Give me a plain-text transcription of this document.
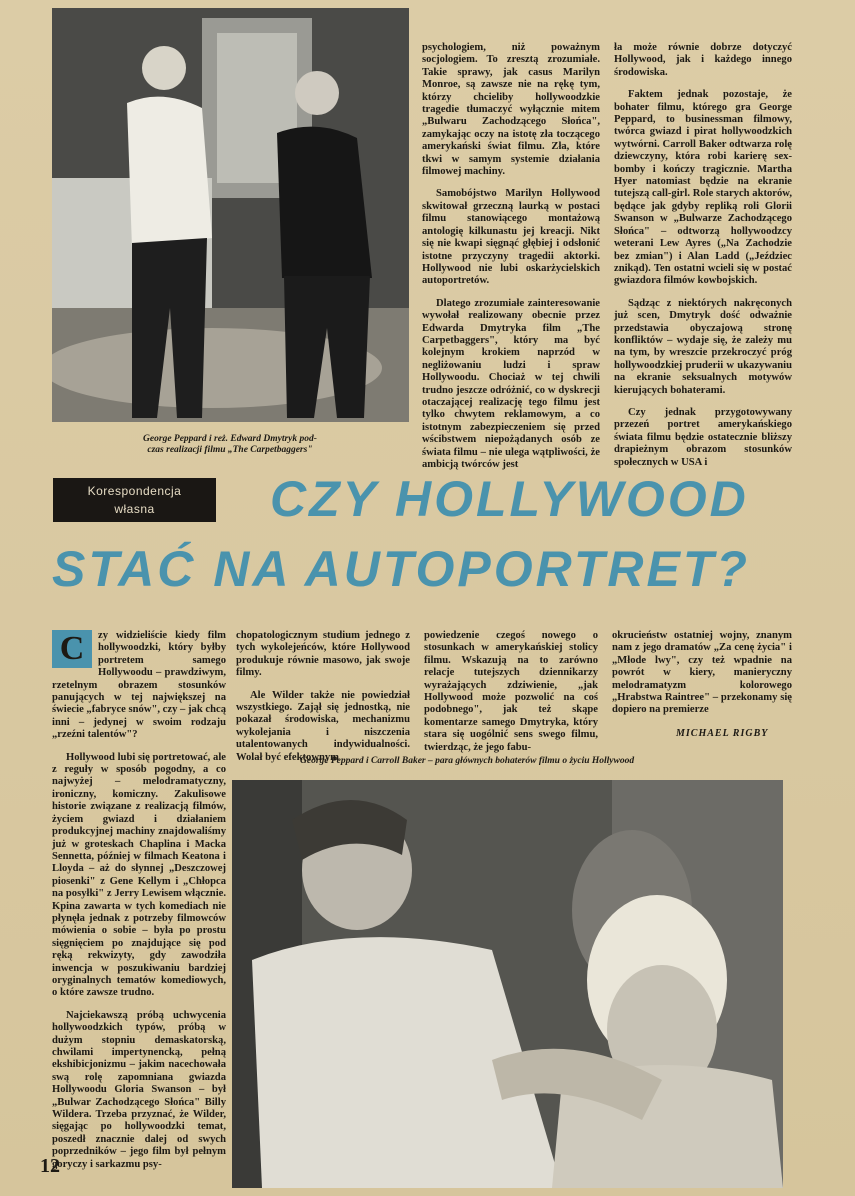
George Peppard i reż. Edward Dmytryk pod-
czas realizacji filmu „The Carpetbaggers"

psychologiem, niż poważnym socjologiem. To zresztą zrozumiałe. Takie sprawy, jak casus Marilyn Monroe, są zawsze nie na rękę tym, którzy chcieliby hollywoodzkie tragedie tłumaczyć wyłącznie mitem „Bulwaru Zachodzącego Słońca", zamykając oczy na istotę zła toczącego amerykański świat filmu. Zła, które tkwi w samym systemie działania filmowej machiny.

Samobójstwo Marilyn Hollywood skwitował grzeczną laurką w postaci filmu stanowiącego montażową antologię kilkunastu jej kreacji. Nikt się nie kwapi sięgnąć głębiej i odsłonić istotne przyczyny tragedii aktorki. Hollywood nie lubi oskarżycielskich autoportretów.

Dlatego zrozumiałe zainteresowanie wywołał realizowany obecnie przez Edwarda Dmytryka film „The Carpetbaggers", który ma być kolejnym krokiem naprzód w negliżowaniu ludzi i spraw Hollywoodu. Chociaż w tej chwili trudno jeszcze odróżnić, co w dyskrecji otaczającej realizację tego filmu jest tylko chwytem reklamowym, a co istotnym zabezpieczeniem się przed wścibstwem niepożądanych osób ze świata filmu – nie ulega wątpliwości, że ambicją twórców jest

ła może równie dobrze dotyczyć Hollywood, jak i każdego innego środowiska.

Faktem jednak pozostaje, że bohater filmu, którego gra George Peppard, to businessman filmowy, twórca gwiazd i pirat hollywoodzkich wytwórni. Carroll Baker odtwarza rolę dziewczyny, która robi karierę sex-bomby i kończy tragicznie. Martha Hyer natomiast będzie na ekranie tutejszą call-girl. Role starych aktorów, będące jak gdyby repliką roli Glorii Swanson w „Bulwarze Zachodzącego Słońca" – odtworzą hollywoodzcy weterani Lew Ayres („Na Zachodzie bez zmian") i Alan Ladd („Jeździec znikąd). Ten ostatni wcieli się w postać gwiazdora filmów kowbojskich.

Sądząc z niektórych nakręconych już scen, Dmytryk dość odważnie przedstawia obyczajową stronę konfliktów – wydaje się, że zależy mu na tym, by wreszcie przekroczyć próg hollywoodzkiej pruderii w ukazywaniu na ekranie seksualnych motywów kierujących bohaterami.

Czy jednak przygotowywany przezeń portret amerykańskiego świata filmu będzie ostatecznie bliższy drapieżnym obrazom stosunków społecznych w USA i

Korespondencja
własna	CZY HOLLYWOOD
STAĆ NA AUTOPORTRET?

C	zy widzieliście kiedy film hollywoodzki, który byłby portretem samego Hollywoodu – prawdziwym, rzetelnym obrazem stosunków panujących w tej największej na świecie „fabryce snów", czy – jak chcą inni – jedynej w swoim rodzaju „rzeźni talentów"?

Hollywood lubi się portretować, ale z reguły w sposób pogodny, a co najwyżej – melodramatyczny, ironiczny, komiczny. Zakulisowe historie związane z realizacją filmów, życiem gwiazd i działaniem produkcyjnej machiny znajdowaliśmy już w groteskach Chaplina i Macka Sennetta, później w filmach Keatona i Lloyda – aż do słynnej „Deszczowej piosenki" z Gene Kellym i „Chłopca na posyłki" z Jerry Lewisem włącznie. Kpina zawarta w tych komediach nie płynęła jednak z potrzeby filmowców mówienia o sobie – była po prostu sięgnięciem po znajdujące się pod ręką rekwizyty, gdy zawodziła inwencja w poszukiwaniu bardziej oryginalnych tematów komediowych, o które zawsze trudno.

Najciekawszą próbą uchwycenia hollywoodzkich typów, próbą w dużym stopniu demaskatorską, chwilami impertynencką, pełną ekshibicjonizmu – jakim nacechowała swą rolę zapomniana gwiazda Hollywoodu Gloria Swanson – był „Bulwar Zachodzącego Słońca" Billy Wildera. Trzeba przyznać, że Wilder, sięgając po hollywoodzki temat, poszedł znacznie dalej od swych poprzedników – jego film był pełnym goryczy i sarkazmu psy-

chopatologicznym studium jednego z tych wykolejeńców, które Hollywood produkuje równie masowo, jak swoje filmy.

Ale Wilder także nie powiedział wszystkiego. Zajął się jednostką, nie pokazał środowiska, mechanizmu wykolejania i niszczenia utalentowanych indywidualności. Wolał być efektownym

powiedzenie czegoś nowego o stosunkach w amerykańskiej stolicy filmu. Wskazują na to zarówno relacje tutejszych dziennikarzy wyrażających zdziwienie, „jak Hollywood może pozwolić na coś podobnego", jak też skąpe komentarze samego Dmytryka, który stara się uogólnić sens swego filmu, twierdząc, że jego fabu-

okrucieństw ostatniej wojny, znanym nam z jego dramatów „Za cenę życia" i „Młode lwy", czy też wpadnie na powrót w kiery, manieryczny melodramatyzm kolorowego „Hrabstwa Raintree" – przekonamy się dopiero na premierze

MICHAEL RIGBY
George Peppard i Carroll Baker – para głównych bohaterów filmu o życiu Hollywood
12
